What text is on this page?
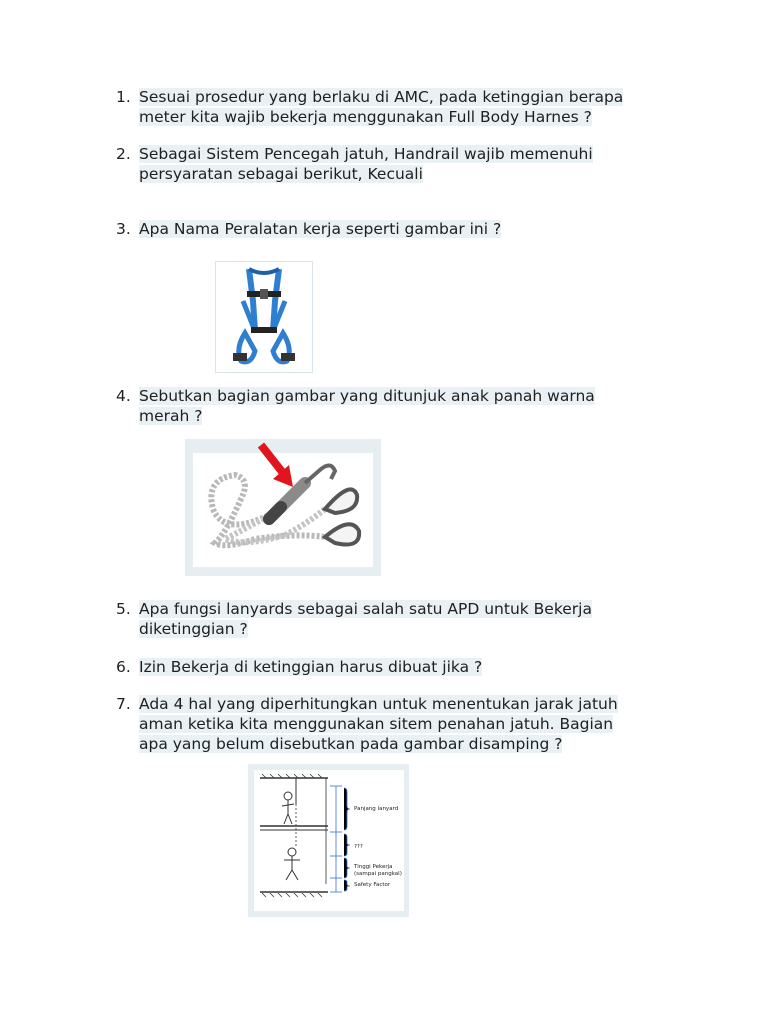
1. Sesuai prosedur yang berlaku di AMC, pada ketinggian berapa
meter kita wajib bekerja menggunakan Full Body Harnes ?
2. Sebagai Sistem Pencegah jatuh, Handrail wajib memenuhi
persyaratan sebagai berikut, Kecuali
3. Apa Nama Peralatan kerja seperti gambar ini ?
4. Sebutkan bagian gambar yang ditunjuk anak panah warna
merah ?
5. Apa fungsi lanyards sebagai salah satu APD untuk Bekerja
diketinggian ?
6. Izin Bekerja di ketinggian harus dibuat jika ?
7. Ada 4 hal yang diperhitungkan untuk menentukan jarak jatuh
aman ketika kita menggunakan sitem penahan jatuh. Bagian
apa yang belum disebutkan pada gambar disamping ?
Panjang lanyard
???
Tinggi Pekerja
(sampai pangkal)
Safety Factor
